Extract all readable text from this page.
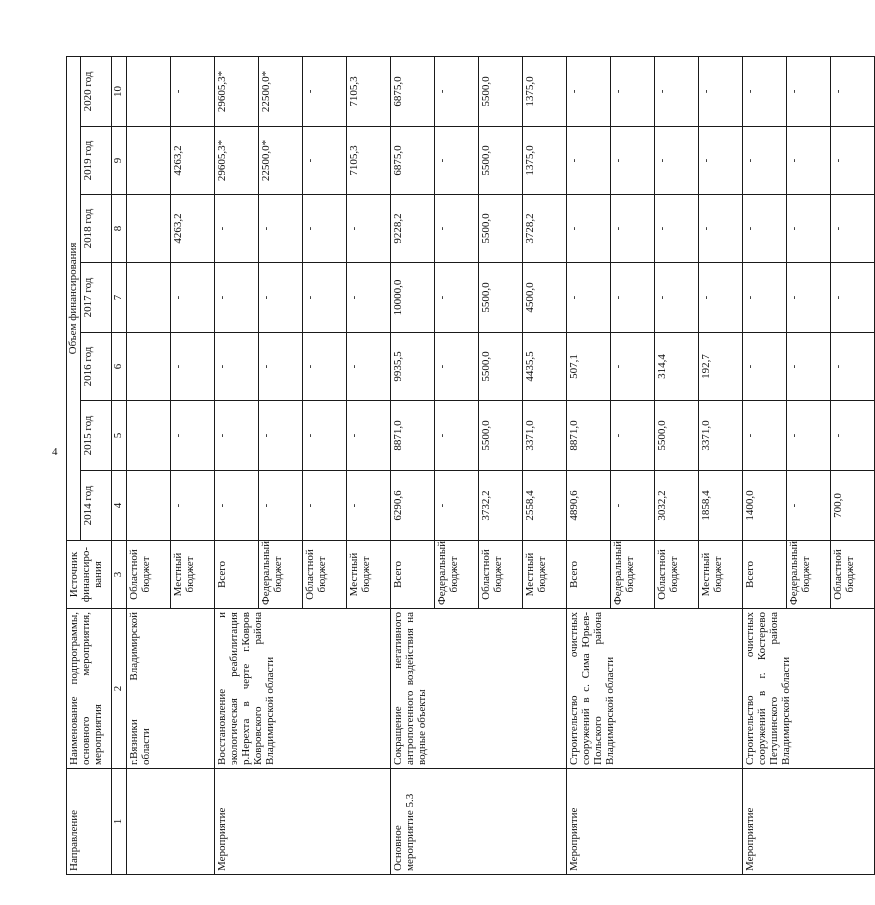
4
Направление	Наименование подпрограммы, основного мероприятия, мероприятия	Источник финансиро-вания	Объем финансирования						
			2014 год	2015 год	2016 год	2017 год	2018 год	2019 год	2020 год
1	2	3	4	5	6	7	8	9	10
	г.Вязники Владимирской области	Областной бюджет							
		Местный бюджет	-	-	-	-	4263,2	4263,2	-
Мероприятие	Восстановление и экологическая реабилитация р.Нерехта в черте г.Ковров Ковровского района Владимирской области	Всего	-	-	-	-	-	29605,3*	29605,3*
		Федеральный бюджет	-	-	-	-	-	22500,0*	22500,0*
		Областной бюджет	-	-	-	-	-	-	-
		Местный бюджет	-	-	-	-	-	7105,3	7105,3
Основное мероприятие 5.3	Сокращение негативного антропогенного воздействия на водные объекты	Всего	6290,6	8871,0	9935,5	10000,0	9228,2	6875,0	6875,0
		Федеральный бюджет	-	-	-	-	-	-	-
		Областной бюджет	3732,2	5500,0	5500,0	5500,0	5500,0	5500,0	5500,0
		Местный бюджет	2558,4	3371,0	4435,5	4500,0	3728,2	1375,0	1375,0
Мероприятие	Строительство очистных сооружений в с. Сима Юрьев-Польского района Владимирской области	Всего	4890,6	8871,0	507,1	-	-	-	-
		Федеральный бюджет	-	-	-	-	-	-	-
		Областной бюджет	3032,2	5500,0	314,4	-	-	-	-
		Местный бюджет	1858,4	3371,0	192,7	-	-	-	-
Мероприятие	Строительство очистных сооружений в г. Костерево Петушинского района Владимирской области	Всего	1400,0	-	-	-	-	-	-
		Федеральный бюджет	-	-	-	-	-	-	-
		Областной бюджет	700,0	-	-	-	-	-	-
